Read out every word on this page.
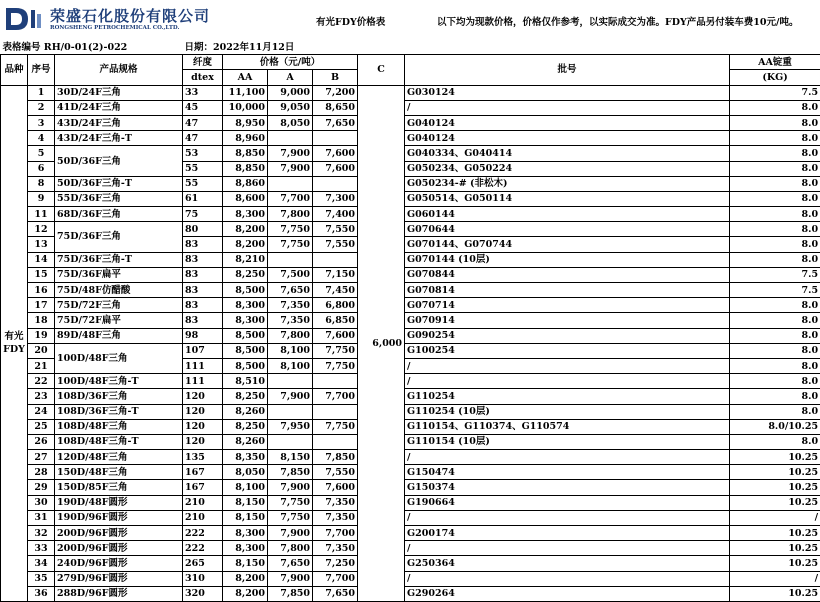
荣盛石化股份有限公司
RONGSHENG PETROCHEMICAL CO.,LTD.	有光FDY价格表	以下均为现款价格，价格仅作参考，以实际成交为准。FDY产品另付装车费10元/吨。
表格编号 RH/0-01(2)-022			日期：2022年11月12日						
品种	序号	产品规格	纤度	价格（元/吨）			C	批号	AA锭重
			dtex	AA	A	B			(KG)
有光FDY	1	30D/24F三角	33	11,100	9,000	7,200	6,000	G030124	7.5
	2	41D/24F三角	45	10,000	9,050	8,650		/	8.0
	3	43D/24F三角	47	8,950	8,050	7,650		G040124	8.0
	4	43D/24F三角-T	47	8,960				G040124	8.0
	5	50D/36F三角	53	8,850	7,900	7,600		G040334、G040414	8.0
	6		55	8,850	7,900	7,600		G050234、G050224	8.0
	8	50D/36F三角-T	55	8,860				G050234-# (非松木)	8.0
	9	55D/36F三角	61	8,600	7,700	7,300		G050514、G050114	8.0
	11	68D/36F三角	75	8,300	7,800	7,400		G060144	8.0
	12	75D/36F三角	80	8,200	7,750	7,550		G070644	8.0
	13		83	8,200	7,750	7,550		G070144、G070744	8.0
	14	75D/36F三角-T	83	8,210				G070144 (10层)	8.0
	15	75D/36F扁平	83	8,250	7,500	7,150		G070844	7.5
	16	75D/48F仿醋酸	83	8,500	7,650	7,450		G070814	7.5
	17	75D/72F三角	83	8,300	7,350	6,800		G070714	8.0
	18	75D/72F扁平	83	8,300	7,350	6,850		G070914	8.0
	19	89D/48F三角	98	8,500	7,800	7,600		G090254	8.0
	20	100D/48F三角	107	8,500	8,100	7,750		G100254	8.0
	21		111	8,500	8,100	7,750		/	8.0
	22	100D/48F三角-T	111	8,510				/	8.0
	23	108D/36F三角	120	8,250	7,900	7,700		G110254	8.0
	24	108D/36F三角-T	120	8,260				G110254 (10层)	8.0
	25	108D/48F三角	120	8,250	7,950	7,750		G110154、G110374、G110574	8.0/10.25
	26	108D/48F三角-T	120	8,260				G110154 (10层)	8.0
	27	120D/48F三角	135	8,350	8,150	7,850		/	10.25
	28	150D/48F三角	167	8,050	7,850	7,550		G150474	10.25
	29	150D/85F三角	167	8,100	7,900	7,600		G150374	10.25
	30	190D/48F圆形	210	8,150	7,750	7,350		G190664	10.25
	31	190D/96F圆形	210	8,150	7,750	7,350		/	/
	32	200D/96F圆形	222	8,300	7,900	7,700		G200174	10.25
	33	200D/96F圆形	222	8,300	7,800	7,350		/	10.25
	34	240D/96F圆形	265	8,150	7,650	7,250		G250364	10.25
	35	279D/96F圆形	310	8,200	7,900	7,700		/	/
	36	288D/96F圆形	320	8,200	7,850	7,650		G290264	10.25
